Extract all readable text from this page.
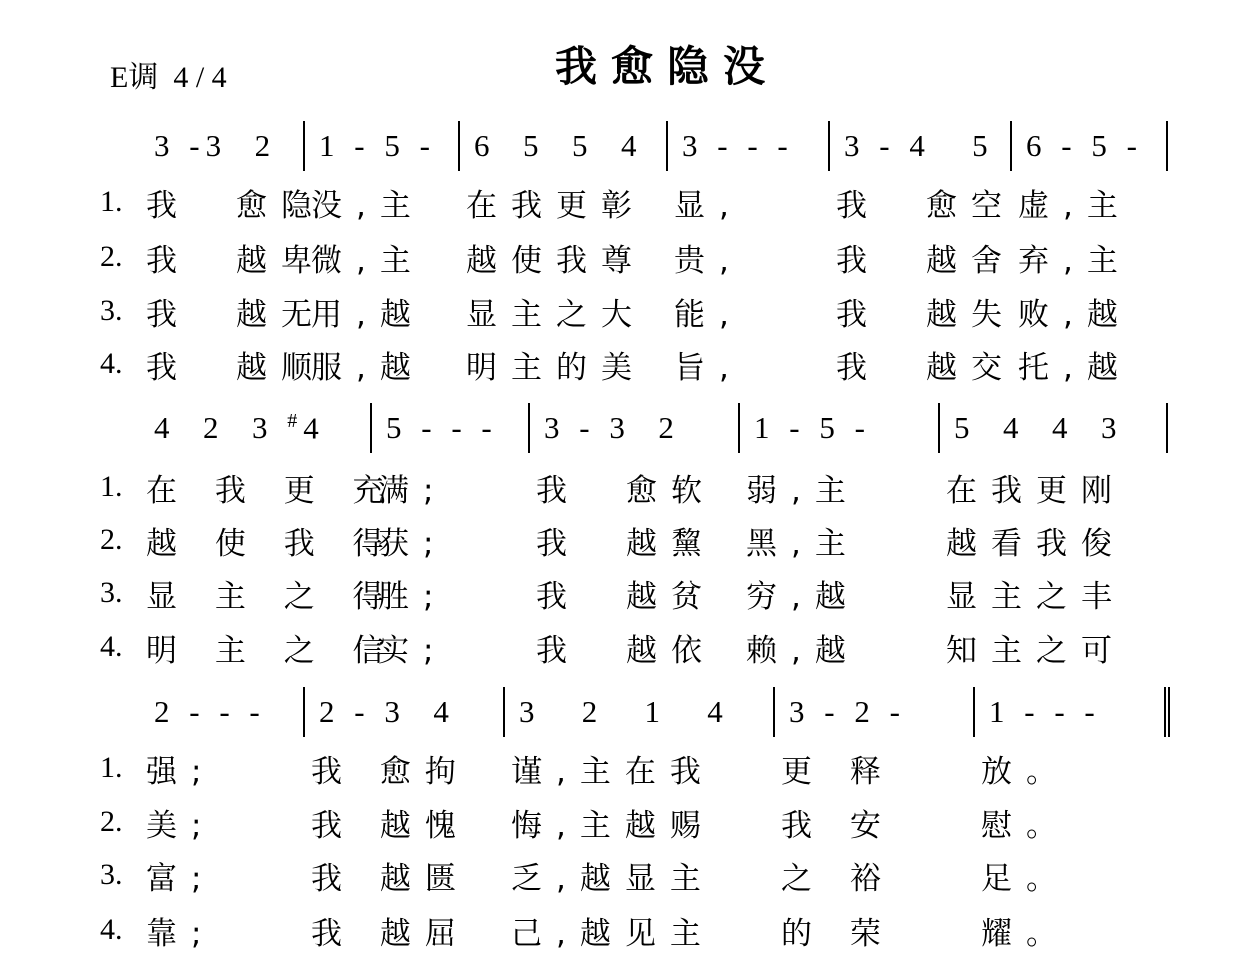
E调  4 / 4	我愈隐没
3 -3  2	1 - 5 -	6  5  5  4	3 - - -	3 - 4   5	6 - 5 -
1. 我　愈隐
没,主	在我更彰 显,	我　愈空 虚,主
2. 我　越卑
微,主	越使我尊 贵,	我　越舍 弃,主
3. 我　越无
用,越	显主之大 能,	我　越失 败,越
4. 我　越顺
服,越	明主的美 旨,	我　越交 托,越
4  2  3 #4	5 - - -	3 - 3  2	1 - 5 -	5  4  4  3
1. 在 我 更 充
满;	我　愈软 弱,主	在我更刚
2. 越 使 我 得
获;	我　越黧 黑,主	越看我俊
3. 显 主 之 得
胜;	我　越贫 穷,越	显主之丰
4. 明 主 之 信
实;	我　越依 赖,越	知主之可
2 - - -	2 - 3  4	3   2   1   4	3 - 2 -	1 - - -
1. 强;	我 愈拘	谨,主在我	更 释	放。
2. 美;	我 越愧	悔,主越赐	我 安	慰。
3. 富;	我 越匮	乏,越显主	之 裕	足。
4. 靠;	我 越屈	己,越见主	的 荣	耀。
